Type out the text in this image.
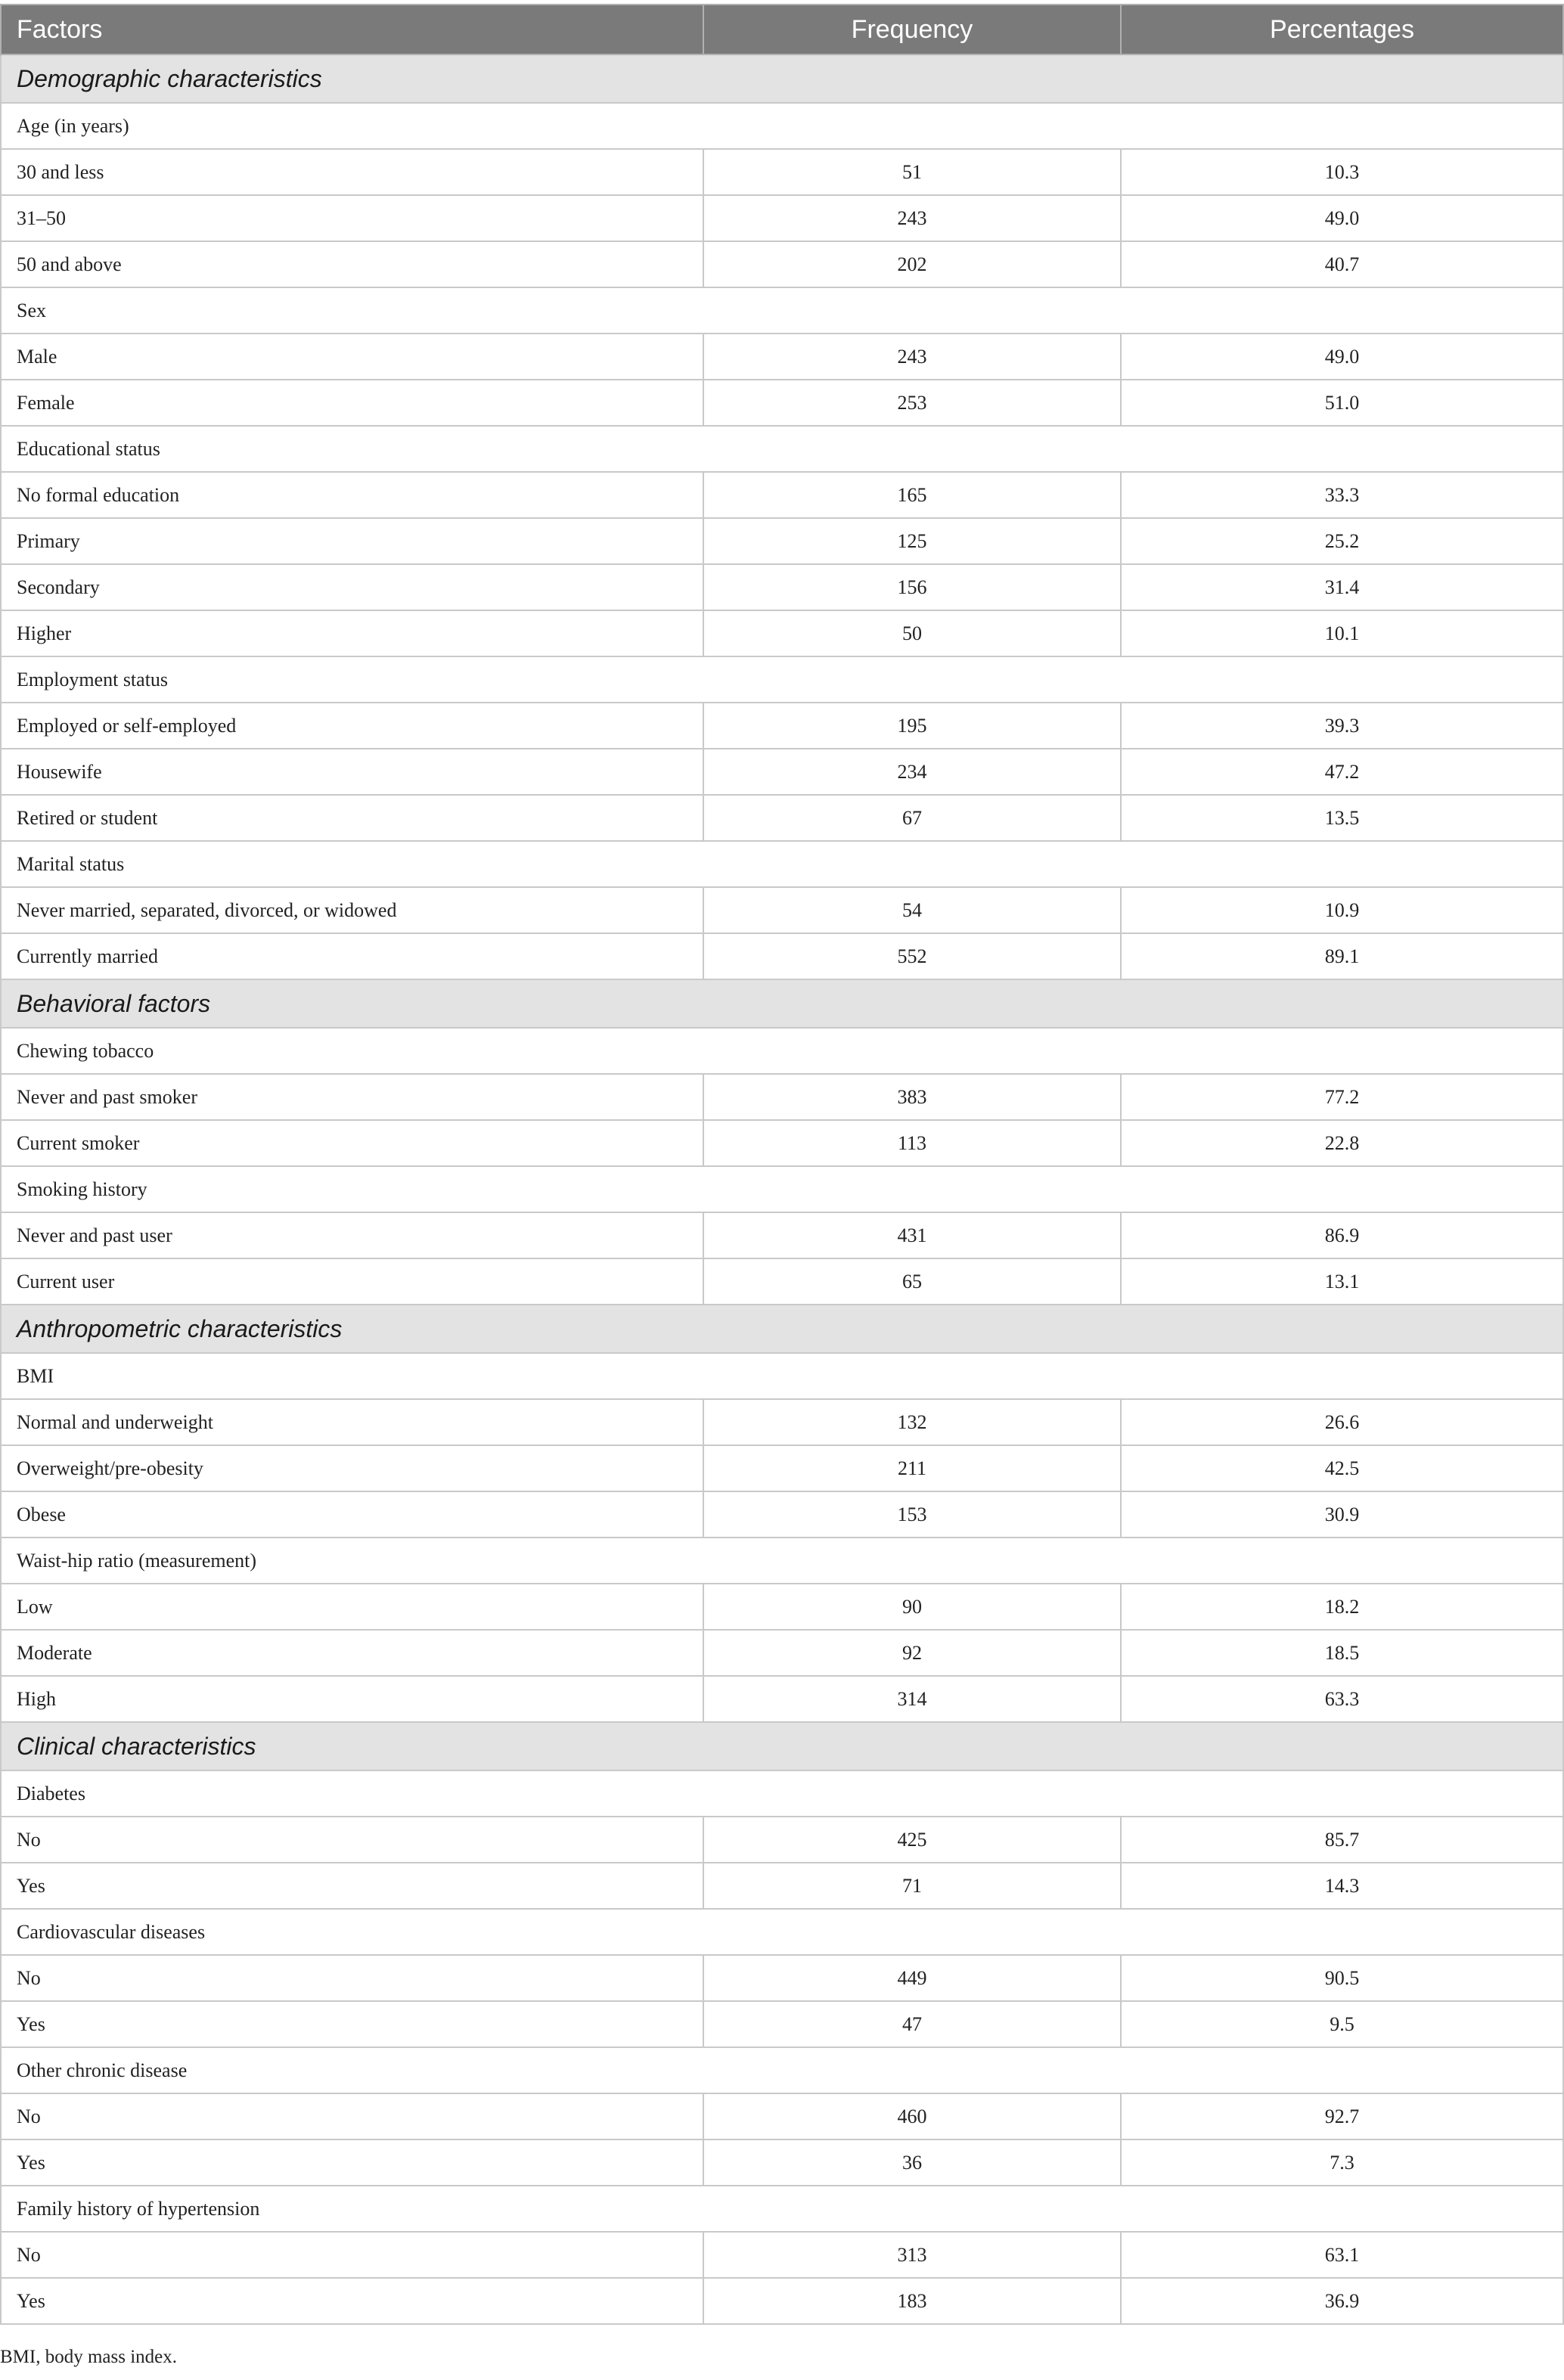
Factors	Frequency	Percentages
Demographic characteristics		
Age (in years)		
30 and less	51	10.3
31–50	243	49.0
50 and above	202	40.7
Sex		
Male	243	49.0
Female	253	51.0
Educational status		
No formal education	165	33.3
Primary	125	25.2
Secondary	156	31.4
Higher	50	10.1
Employment status		
Employed or self-employed	195	39.3
Housewife	234	47.2
Retired or student	67	13.5
Marital status		
Never married, separated, divorced, or widowed	54	10.9
Currently married	552	89.1
Behavioral factors		
Chewing tobacco		
Never and past smoker	383	77.2
Current smoker	113	22.8
Smoking history		
Never and past user	431	86.9
Current user	65	13.1
Anthropometric characteristics		
BMI		
Normal and underweight	132	26.6
Overweight/pre-obesity	211	42.5
Obese	153	30.9
Waist-hip ratio (measurement)		
Low	90	18.2
Moderate	92	18.5
High	314	63.3
Clinical characteristics		
Diabetes		
No	425	85.7
Yes	71	14.3
Cardiovascular diseases		
No	449	90.5
Yes	47	9.5
Other chronic disease		
No	460	92.7
Yes	36	7.3
Family history of hypertension		
No	313	63.1
Yes	183	36.9
BMI, body mass index.
